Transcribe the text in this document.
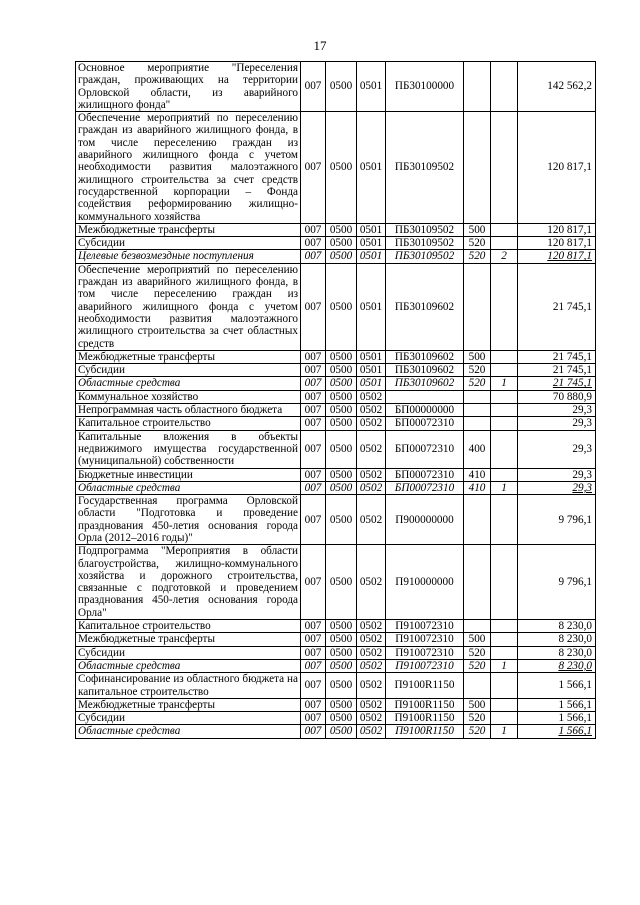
17
Основное мероприятие "Переселения граждан, проживающих на территории Орловской области, из аварийного жилищного фонда"	007	0500	0501	ПБ30100000			142 562,2
Обеспечение мероприятий по переселению граждан из аварийного жилищного фонда, в том числе переселению граждан из аварийного жилищного фонда с учетом необходимости развития малоэтажного жилищного строительства за счет средств государственной корпорации – Фонда содействия реформированию жилищно-коммунального хозяйства	007	0500	0501	ПБ30109502			120 817,1
Межбюджетные трансферты	007	0500	0501	ПБ30109502	500		120 817,1
Субсидии	007	0500	0501	ПБ30109502	520		120 817,1
Целевые безвозмездные поступления	007	0500	0501	ПБ30109502	520	2	120 817,1
Обеспечение мероприятий по переселению граждан из аварийного жилищного фонда, в том числе переселению граждан из аварийного жилищного фонда с учетом необходимости развития малоэтажного жилищного строительства за счет областных средств	007	0500	0501	ПБ30109602			21 745,1
Межбюджетные трансферты	007	0500	0501	ПБ30109602	500		21 745,1
Субсидии	007	0500	0501	ПБ30109602	520		21 745,1
Областные средства	007	0500	0501	ПБ30109602	520	1	21 745,1
Коммунальное хозяйство	007	0500	0502				70 880,9
Непрограммная часть областного бюджета	007	0500	0502	БП00000000			29,3
Капитальное строительство	007	0500	0502	БП00072310			29,3
Капитальные вложения в объекты недвижимого имущества государственной (муниципальной) собственности	007	0500	0502	БП00072310	400		29,3
Бюджетные инвестиции	007	0500	0502	БП00072310	410		29,3
Областные средства	007	0500	0502	БП00072310	410	1	29,3
Государственная программа Орловской области "Подготовка и проведение празднования 450-летия основания города Орла (2012–2016 годы)"	007	0500	0502	П900000000			9 796,1
Подпрограмма "Мероприятия в области благоустройства, жилищно-коммунального хозяйства и дорожного строительства, связанные с подготовкой и проведением празднования 450-летия основания города Орла"	007	0500	0502	П910000000			9 796,1
Капитальное строительство	007	0500	0502	П910072310			8 230,0
Межбюджетные трансферты	007	0500	0502	П910072310	500		8 230,0
Субсидии	007	0500	0502	П910072310	520		8 230,0
Областные средства	007	0500	0502	П910072310	520	1	8 230,0
Софинансирование из областного бюджета на капитальное строительство	007	0500	0502	П9100R1150			1 566,1
Межбюджетные трансферты	007	0500	0502	П9100R1150	500		1 566,1
Субсидии	007	0500	0502	П9100R1150	520		1 566,1
Областные средства	007	0500	0502	П9100R1150	520	1	1 566,1
